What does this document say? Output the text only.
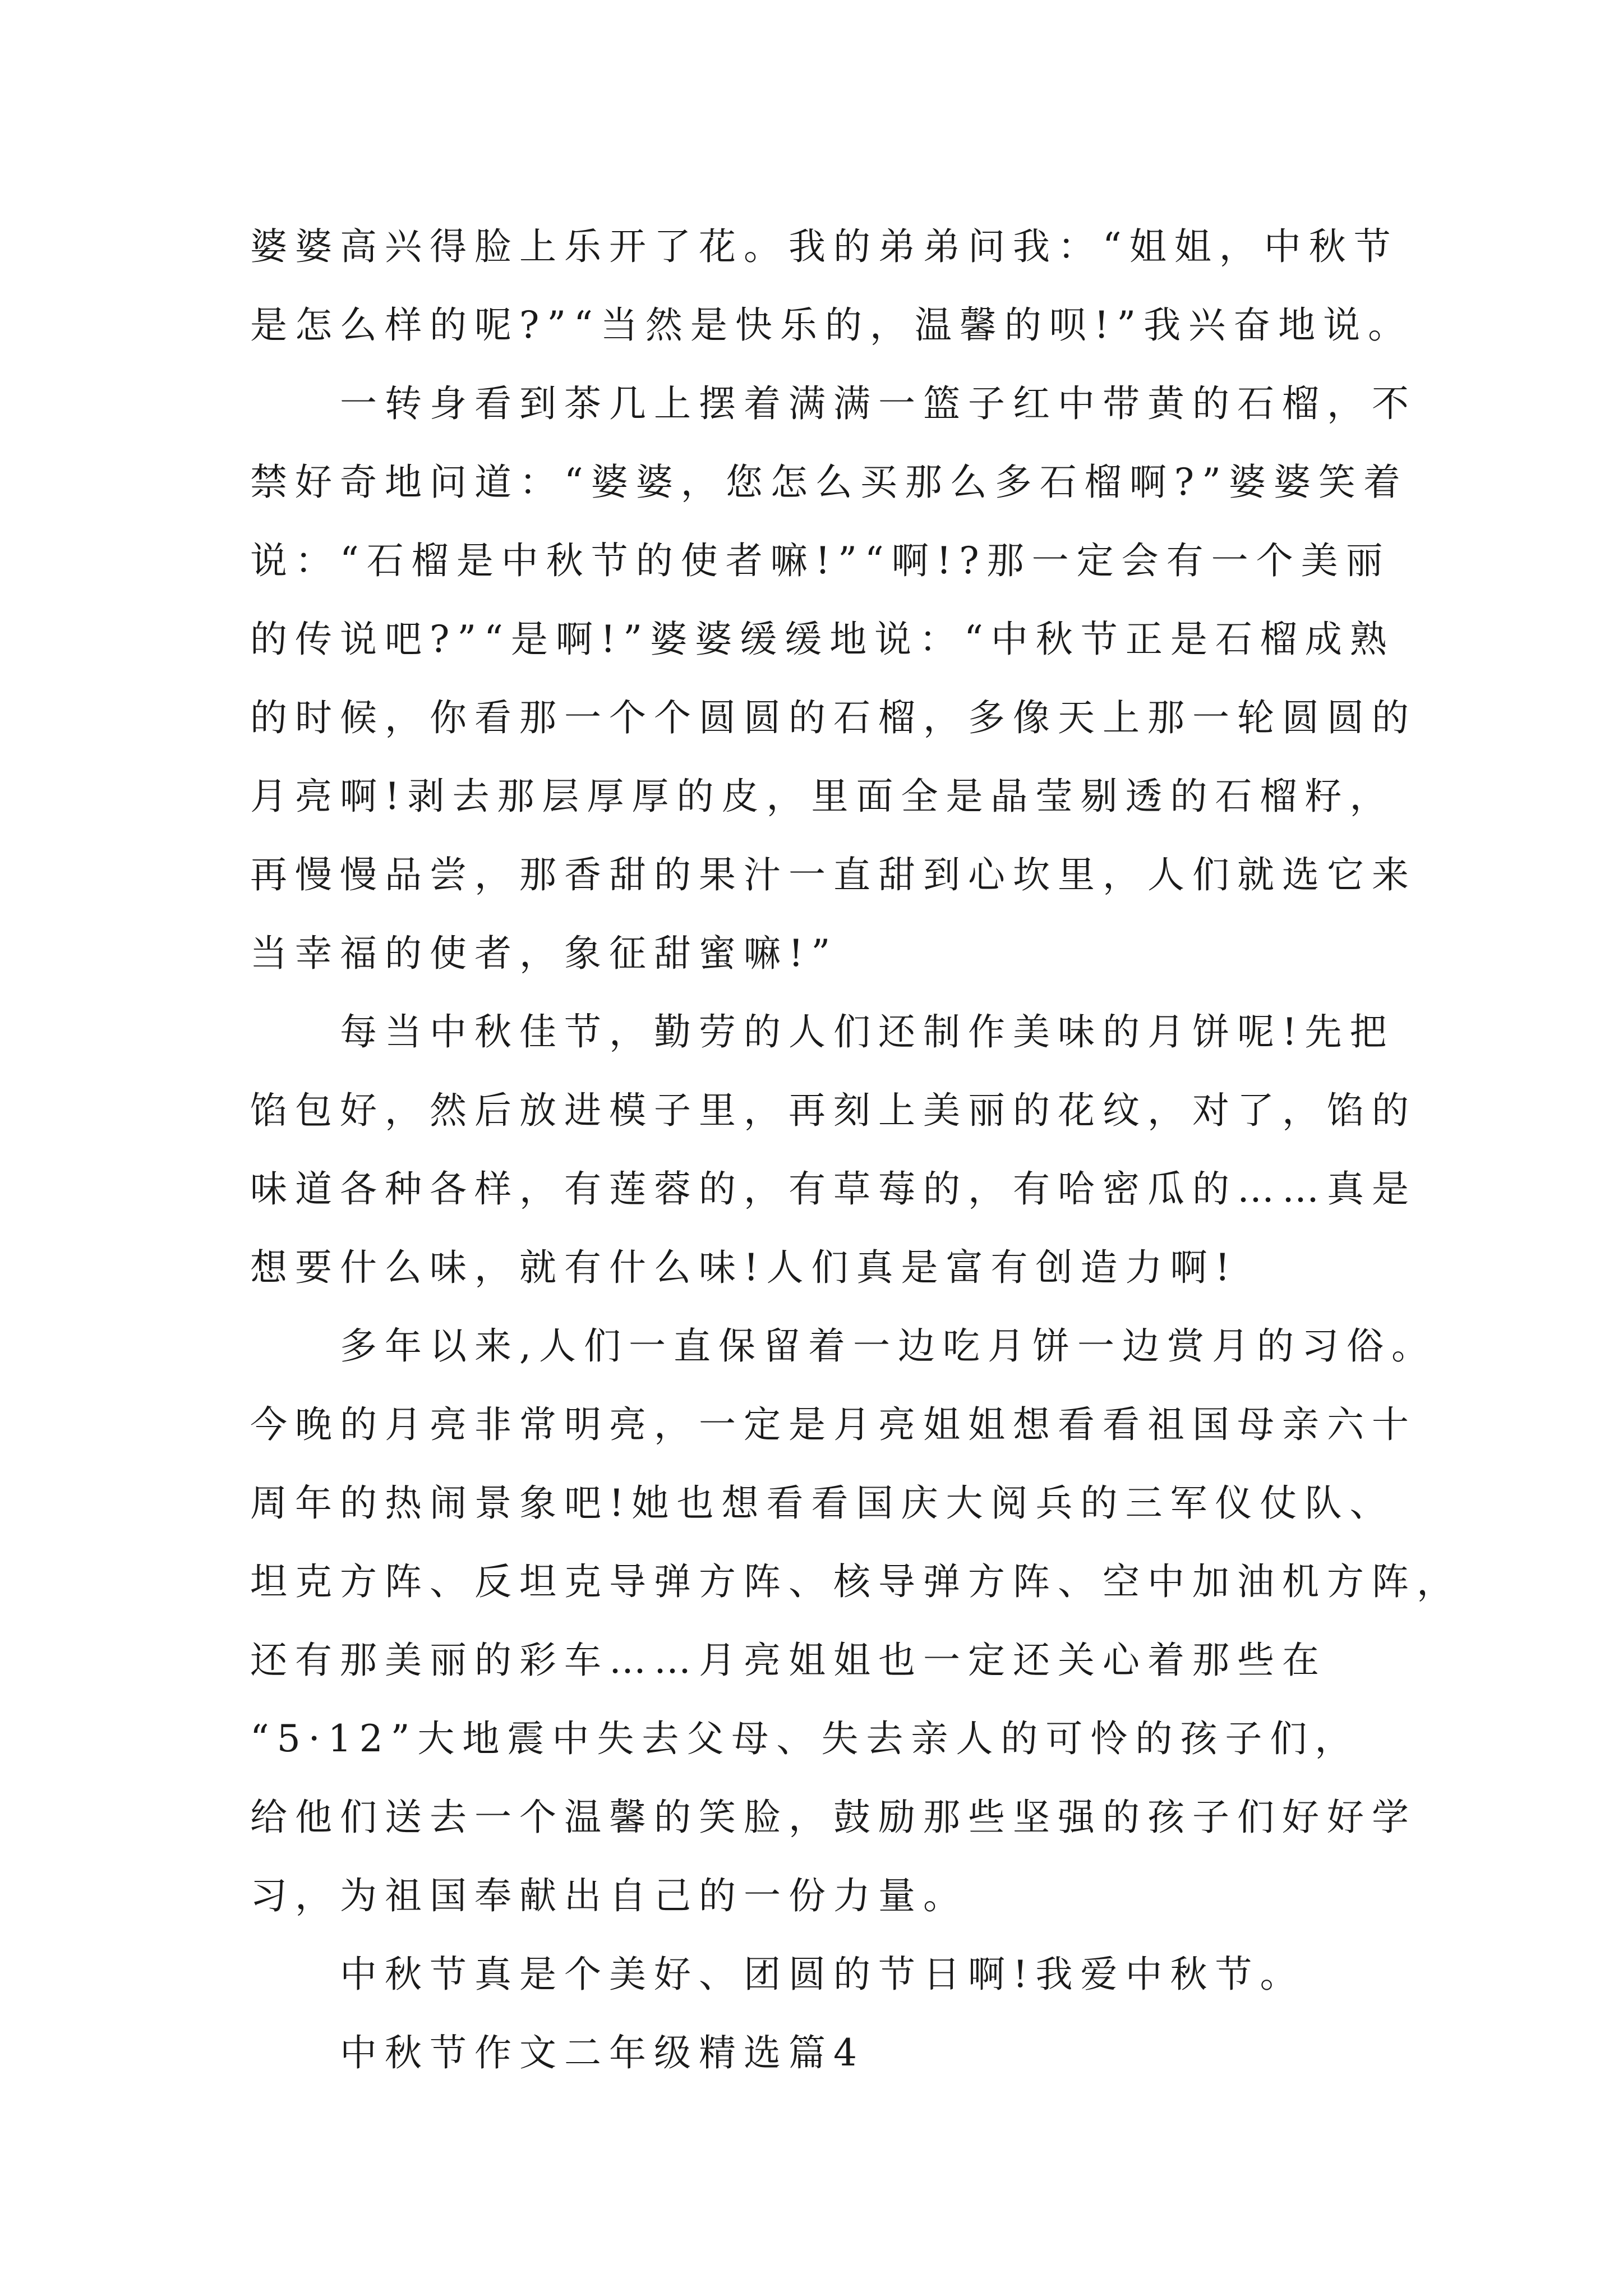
婆婆高兴得脸上乐开了花。我的弟弟问我：“姐姐，中秋节
是怎么样的呢?”“当然是快乐的，温馨的呗!”我兴奋地说。
一转身看到茶几上摆着满满一篮子红中带黄的石榴，不
禁好奇地问道：“婆婆，您怎么买那么多石榴啊?”婆婆笑着
说：“石榴是中秋节的使者嘛!”“啊!?那一定会有一个美丽
的传说吧?”“是啊!”婆婆缓缓地说：“中秋节正是石榴成熟
的时候，你看那一个个圆圆的石榴，多像天上那一轮圆圆的
月亮啊!剥去那层厚厚的皮，里面全是晶莹剔透的石榴籽，
再慢慢品尝，那香甜的果汁一直甜到心坎里，人们就选它来
当幸福的使者，象征甜蜜嘛!”
每当中秋佳节，勤劳的人们还制作美味的月饼呢!先把
馅包好，然后放进模子里，再刻上美丽的花纹，对了，馅的
味道各种各样，有莲蓉的，有草莓的，有哈密瓜的……真是
想要什么味，就有什么味!人们真是富有创造力啊!
多年以来,人们一直保留着一边吃月饼一边赏月的习俗。
今晚的月亮非常明亮，一定是月亮姐姐想看看祖国母亲六十
周年的热闹景象吧!她也想看看国庆大阅兵的三军仪仗队、
坦克方阵、反坦克导弹方阵、核导弹方阵、空中加油机方阵，
还有那美丽的彩车……月亮姐姐也一定还关心着那些在
“5·12”大地震中失去父母、失去亲人的可怜的孩子们，
给他们送去一个温馨的笑脸，鼓励那些坚强的孩子们好好学
习，为祖国奉献出自己的一份力量。
中秋节真是个美好、团圆的节日啊!我爱中秋节。
中秋节作文二年级精选篇4
